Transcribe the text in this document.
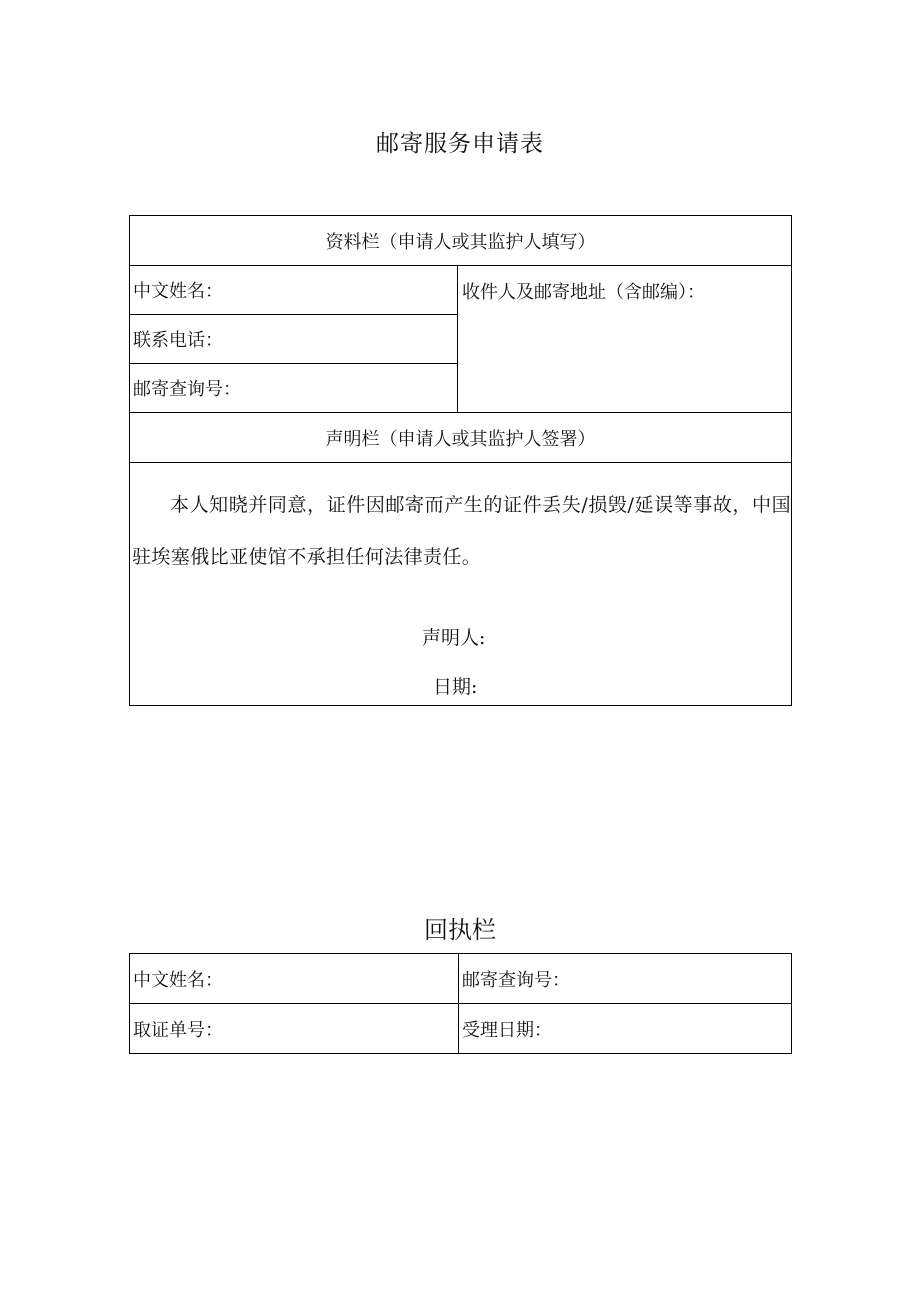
邮寄服务申请表
资料栏（申请人或其监护人填写）
中文姓名：	收件人及邮寄地址（含邮编）：
联系电话：
邮寄查询号：
声明栏（申请人或其监护人签署）

本人知晓并同意，证件因邮寄而产生的证件丢失/损毁/延误等事故，中国驻埃塞俄比亚使馆不承担任何法律责任。
声明人:
日期:
回执栏
中文姓名：	邮寄查询号：
取证单号：	受理日期：
